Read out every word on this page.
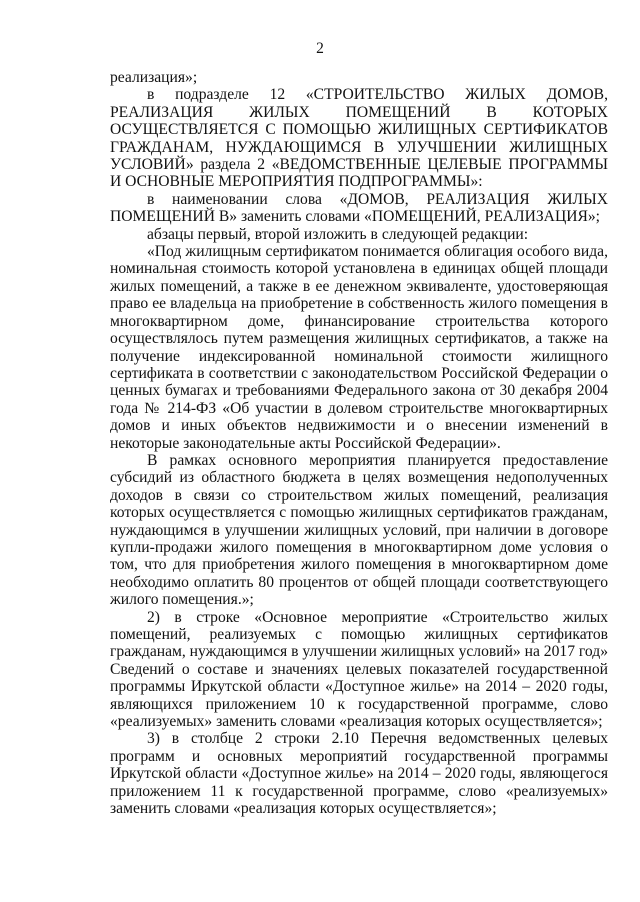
2

реализация»;

в подразделе 12 «СТРОИТЕЛЬСТВО ЖИЛЫХ ДОМОВ, РЕАЛИЗАЦИЯ ЖИЛЫХ ПОМЕЩЕНИЙ В КОТОРЫХ ОСУЩЕСТВЛЯЕТСЯ С ПОМОЩЬЮ ЖИЛИЩНЫХ СЕРТИФИКАТОВ ГРАЖДАНАМ, НУЖДАЮЩИМСЯ В УЛУЧШЕНИИ ЖИЛИЩНЫХ УСЛОВИЙ» раздела 2 «ВЕДОМСТВЕННЫЕ ЦЕЛЕВЫЕ ПРОГРАММЫ И ОСНОВНЫЕ МЕРОПРИЯТИЯ ПОДПРОГРАММЫ»:

в наименовании слова «ДОМОВ, РЕАЛИЗАЦИЯ ЖИЛЫХ ПОМЕЩЕНИЙ В» заменить словами «ПОМЕЩЕНИЙ, РЕАЛИЗАЦИЯ»;

абзацы первый, второй изложить в следующей редакции:

«Под жилищным сертификатом понимается облигация особого вида, номинальная стоимость которой установлена в единицах общей площади жилых помещений, а также в ее денежном эквиваленте, удостоверяющая право ее владельца на приобретение в собственность жилого помещения в многоквартирном доме, финансирование строительства которого осуществлялось путем размещения жилищных сертификатов, а также на получение индексированной номинальной стоимости жилищного сертификата в соответствии с законодательством Российской Федерации о ценных бумагах и требованиями Федерального закона от 30 декабря 2004 года № 214-ФЗ «Об участии в долевом строительстве многоквартирных домов и иных объектов недвижимости и о внесении изменений в некоторые законодательные акты Российской Федерации».

В рамках основного мероприятия планируется предоставление субсидий из областного бюджета в целях возмещения недополученных доходов в связи со строительством жилых помещений, реализация которых осуществляется с помощью жилищных сертификатов гражданам, нуждающимся в улучшении жилищных условий, при наличии в договоре купли-продажи жилого помещения в многоквартирном доме условия о том, что для приобретения жилого помещения в многоквартирном доме необходимо оплатить 80 процентов от общей площади соответствующего жилого помещения.»;

2) в строке «Основное мероприятие «Строительство жилых помещений, реализуемых с помощью жилищных сертификатов гражданам, нуждающимся в улучшении жилищных условий» на 2017 год» Сведений о составе и значениях целевых показателей государственной программы Иркутской области «Доступное жилье» на 2014 – 2020 годы, являющихся приложением 10 к государственной программе, слово «реализуемых» заменить словами «реализация которых осуществляется»;

3) в столбце 2 строки 2.10 Перечня ведомственных целевых программ и основных мероприятий государственной программы Иркутской области «Доступное жилье» на 2014 – 2020 годы, являющегося приложением 11 к государственной программе, слово «реализуемых» заменить словами «реализация которых осуществляется»;
